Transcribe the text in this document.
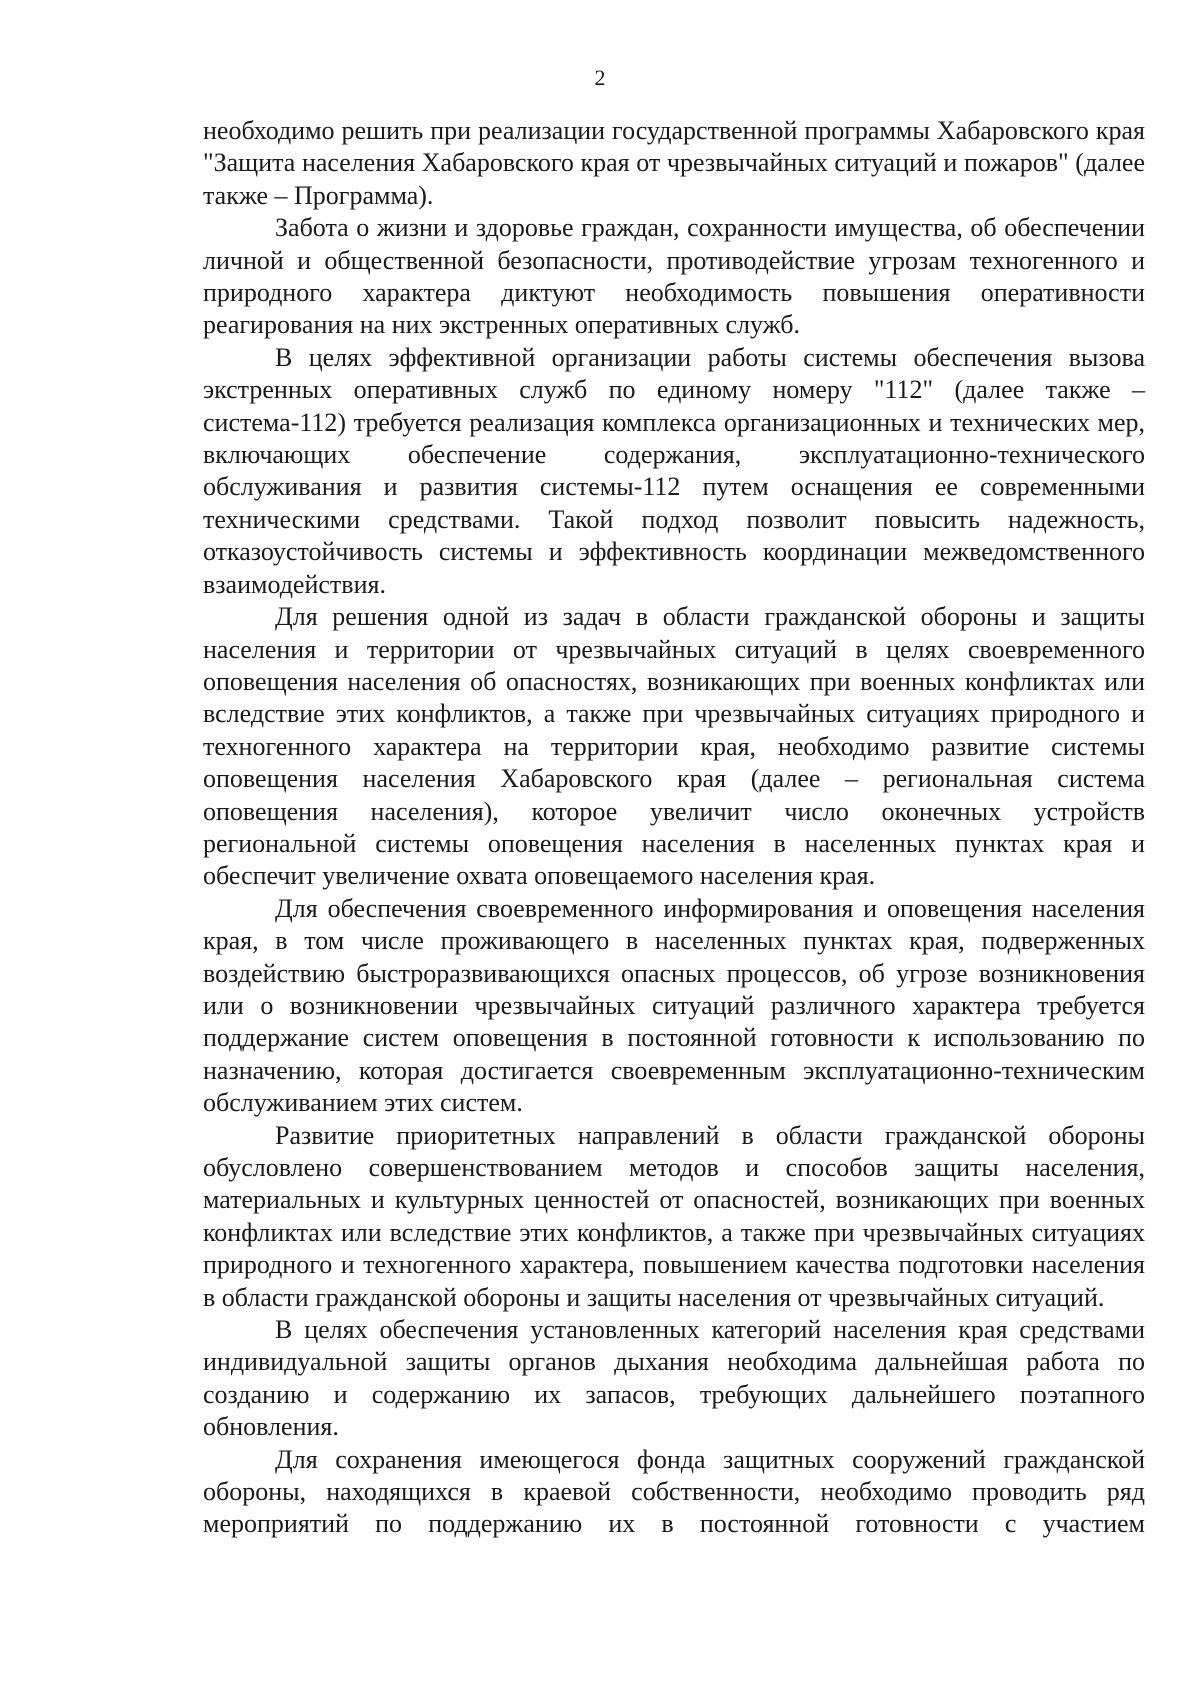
2

необходимо решить при реализации государственной программы Хабаровского края "Защита населения Хабаровского края от чрезвычайных ситуаций и пожаров" (далее также – Программа).

Забота о жизни и здоровье граждан, сохранности имущества, об обеспечении личной и общественной безопасности, противодействие угрозам техногенного и природного характера диктуют необходимость повышения оперативности реагирования на них экстренных оперативных служб.

В целях эффективной организации работы системы обеспечения вызова экстренных оперативных служб по единому номеру "112" (далее также – система-112) требуется реализация комплекса организационных и технических мер, включающих обеспечение содержания, эксплуатационно-технического обслуживания и развития системы-112 путем оснащения ее современными техническими средствами. Такой подход позволит повысить надежность, отказоустойчивость системы и эффективность координации межведомственного взаимодействия.

Для решения одной из задач в области гражданской обороны и защиты населения и территории от чрезвычайных ситуаций в целях своевременного оповещения населения об опасностях, возникающих при военных конфликтах или вследствие этих конфликтов, а также при чрезвычайных ситуациях природного и техногенного характера на территории края, необходимо развитие системы оповещения населения Хабаровского края (далее – региональная система оповещения населения), которое увеличит число оконечных устройств региональной системы оповещения населения в населенных пунктах края и обеспечит увеличение охвата оповещаемого населения края.

Для обеспечения своевременного информирования и оповещения населения края, в том числе проживающего в населенных пунктах края, подверженных воздействию быстроразвивающихся опасных процессов, об угрозе возникновения или о возникновении чрезвычайных ситуаций различного характера требуется поддержание систем оповещения в постоянной готовности к использованию по назначению, которая достигается своевременным эксплуатационно-техническим обслуживанием этих систем.

Развитие приоритетных направлений в области гражданской обороны обусловлено совершенствованием методов и способов защиты населения, материальных и культурных ценностей от опасностей, возникающих при военных конфликтах или вследствие этих конфликтов, а также при чрезвычайных ситуациях природного и техногенного характера, повышением качества подготовки населения в области гражданской обороны и защиты населения от чрезвычайных ситуаций.

В целях обеспечения установленных категорий населения края средствами индивидуальной защиты органов дыхания необходима дальнейшая работа по созданию и содержанию их запасов, требующих дальнейшего поэтапного обновления.

Для сохранения имеющегося фонда защитных сооружений гражданской обороны, находящихся в краевой собственности, необходимо проводить ряд мероприятий по поддержанию их в постоянной готовности с участием
